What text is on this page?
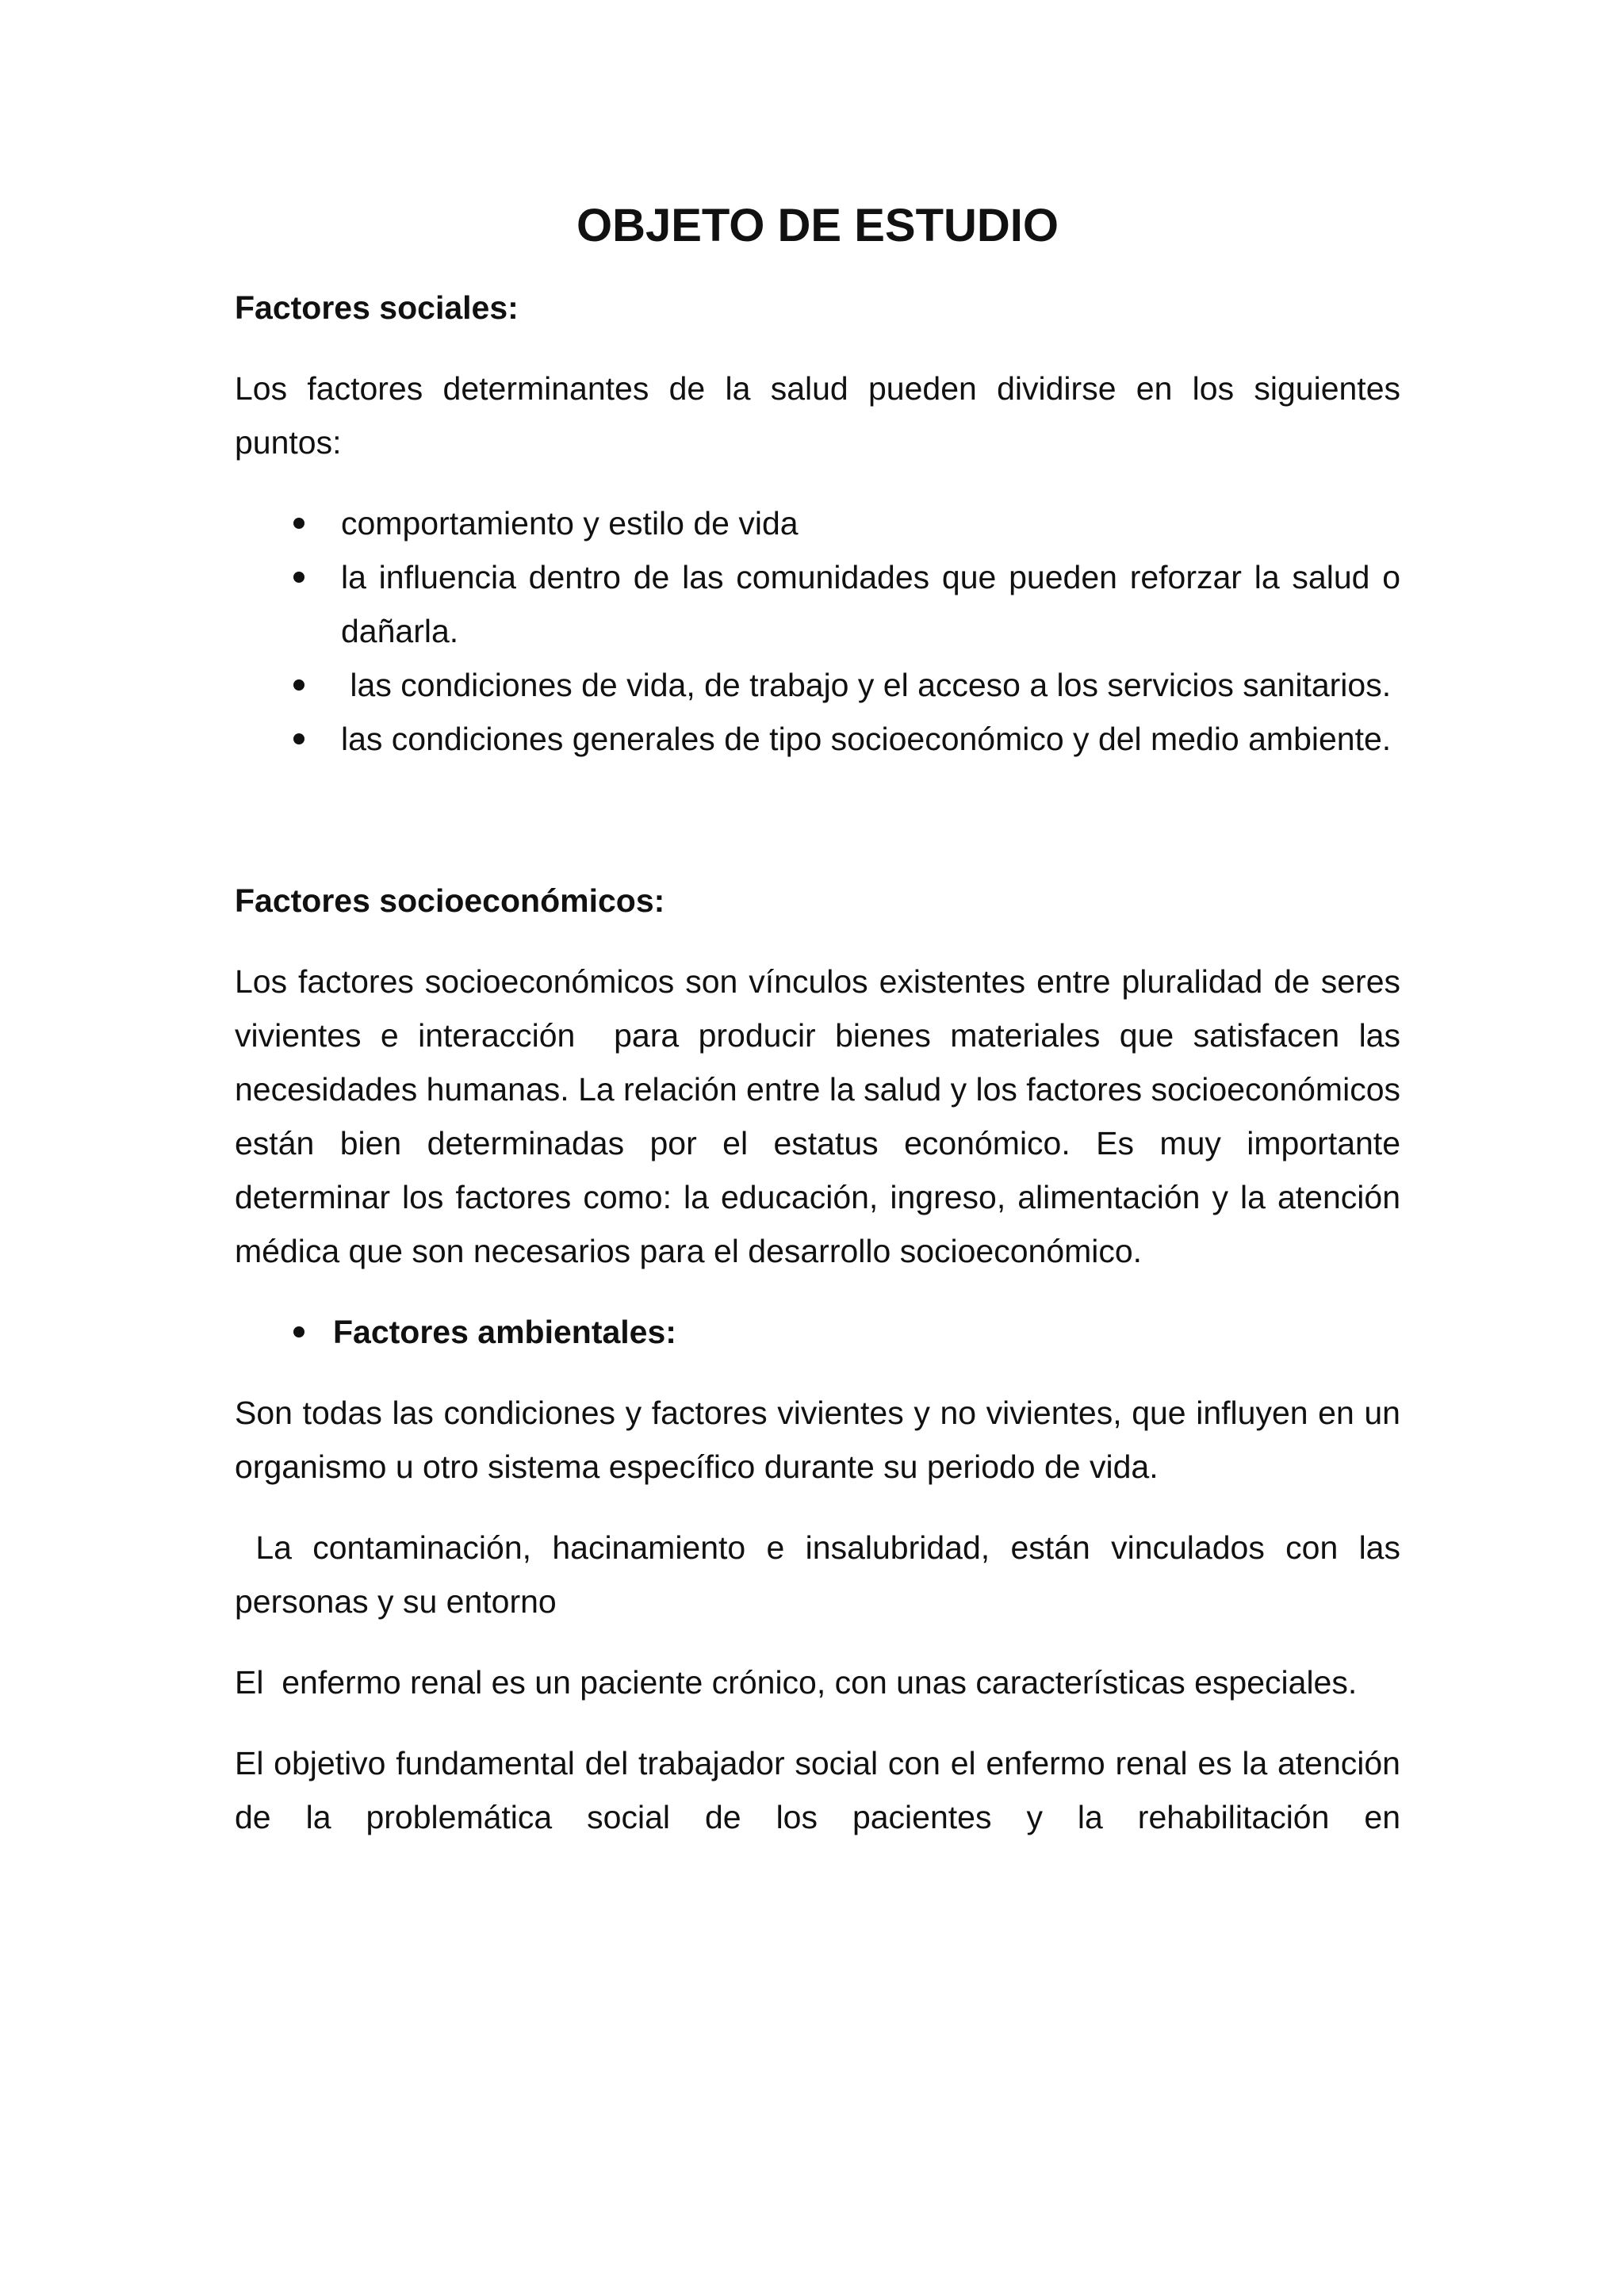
OBJETO DE ESTUDIO
Factores sociales:

Los factores determinantes de la salud pueden dividirse en los siguientes puntos:

comportamiento y estilo de vida
la influencia dentro de las comunidades que pueden reforzar la salud o dañarla.
las condiciones de vida, de trabajo y el acceso a los servicios sanitarios.
las condiciones generales de tipo socioeconómico y del medio ambiente.
Factores socioeconómicos:

Los factores socioeconómicos son vínculos existentes entre pluralidad de seres vivientes e interacción  para producir bienes materiales que satisfacen las necesidades humanas. La relación entre la salud y los factores socioeconómicos están bien determinadas por el estatus económico. Es muy importante determinar los factores como: la educación, ingreso, alimentación y la atención médica que son necesarios para el desarrollo socioeconómico.

Factores ambientales:

Son todas las condiciones y factores vivientes y no vivientes, que influyen en un organismo u otro sistema específico durante su periodo de vida.

La contaminación, hacinamiento e insalubridad, están vinculados con las personas y su entorno

El  enfermo renal es un paciente crónico, con unas características especiales.

El objetivo fundamental del trabajador social con el enfermo renal es la atención de la problemática social de los pacientes y la rehabilitación en
